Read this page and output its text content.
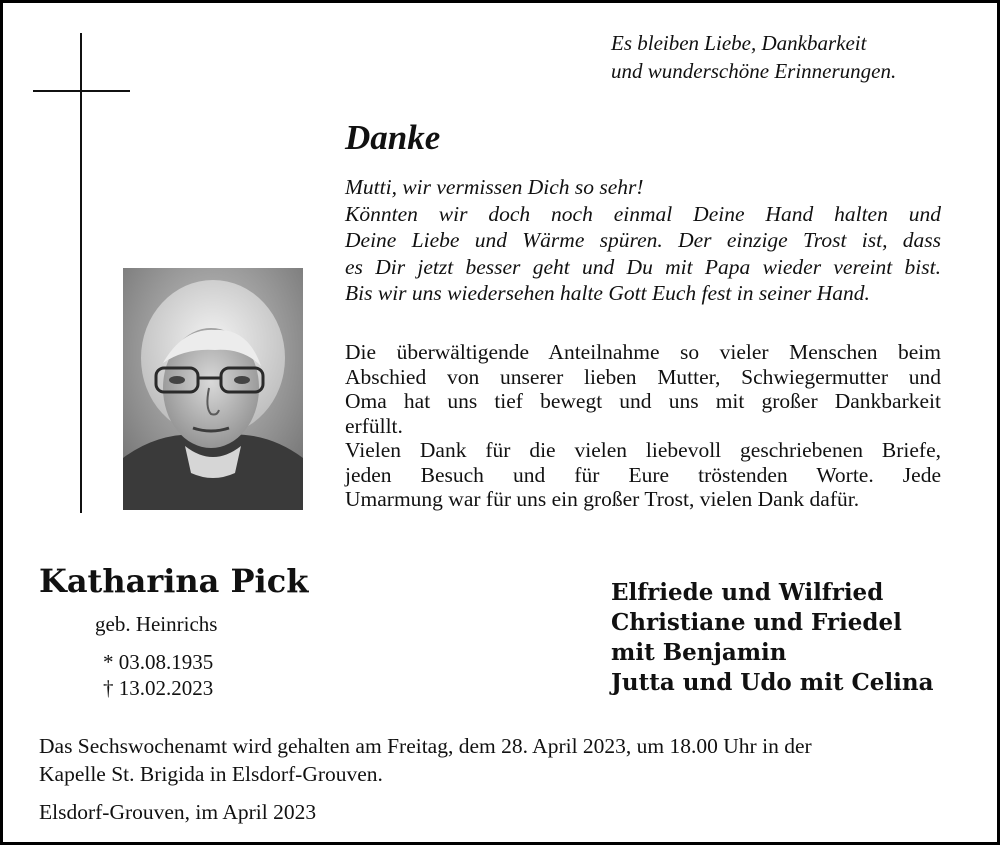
Es bleiben Liebe, Dankbarkeit
und wunderschöne Erinnerungen.
Danke
Mutti, wir vermissen Dich so sehr!
Könnten wir doch noch einmal Deine Hand halten und
Deine Liebe und Wärme spüren. Der einzige Trost ist, dass
es Dir jetzt besser geht und Du mit Papa wieder vereint bist.
Bis wir uns wiedersehen halte Gott Euch fest in seiner Hand.
Die überwältigende Anteilnahme so vieler Menschen beim
Abschied von unserer lieben Mutter, Schwiegermutter und
Oma hat uns tief bewegt und uns mit großer Dankbarkeit
erfüllt.
Vielen Dank für die vielen liebevoll geschriebenen Briefe,
jeden Besuch und für Eure tröstenden Worte. Jede
Umarmung war für uns ein großer Trost, vielen Dank dafür.
Katharina Pick
geb. Heinrichs
* 03.08.1935
† 13.02.2023
Elfriede und Wilfried
Christiane und Friedel
mit Benjamin
Jutta und Udo mit Celina
Das Sechswochenamt wird gehalten am Freitag, dem 28. April 2023, um 18.00 Uhr in der
Kapelle St. Brigida in Elsdorf-Grouven.
Elsdorf-Grouven, im April 2023
